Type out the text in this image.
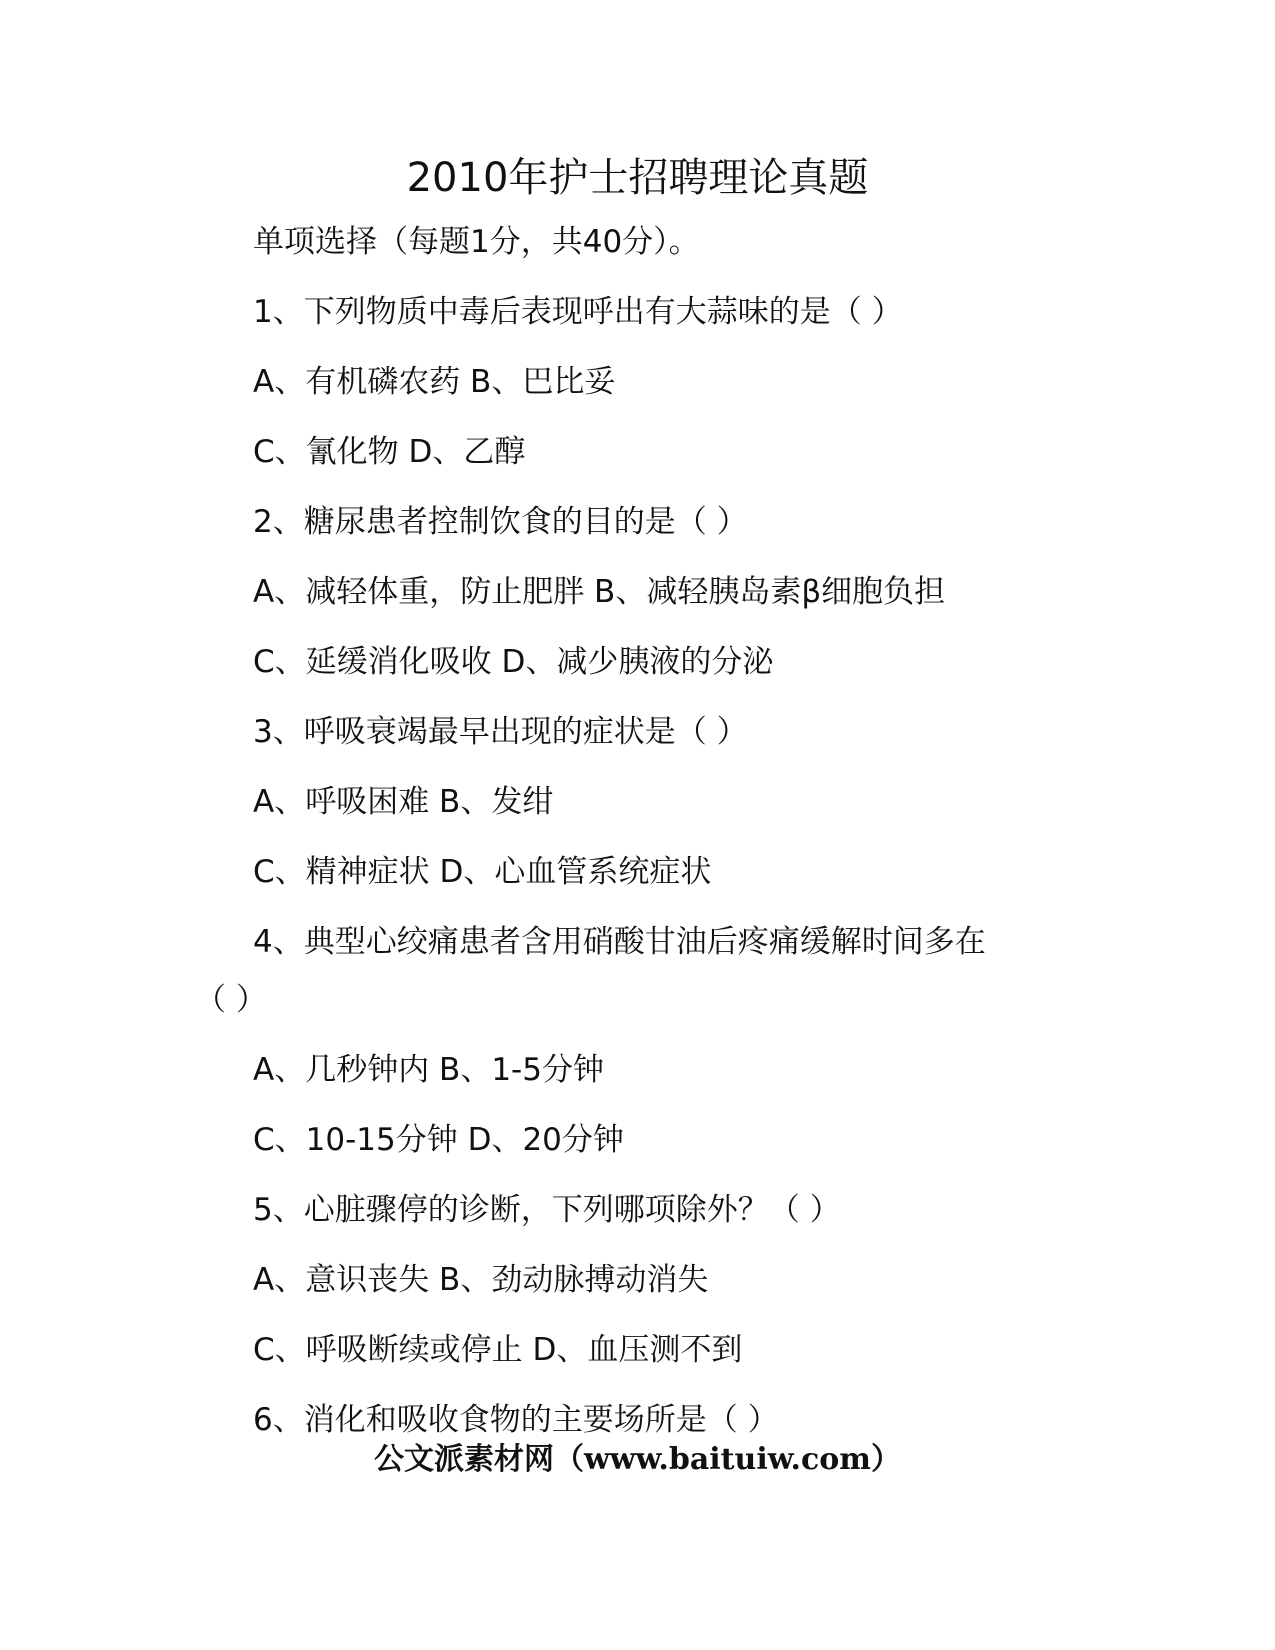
2010年护士招聘理论真题
单项选择（每题1分，共40分）。
1、下列物质中毒后表现呼出有大蒜味的是（ ）
A、有机磷农药 B、巴比妥
C、氰化物 D、乙醇
2、糖尿患者控制饮食的目的是（ ）
A、减轻体重，防止肥胖 B、减轻胰岛素β细胞负担
C、延缓消化吸收 D、减少胰液的分泌
3、呼吸衰竭最早出现的症状是（ ）
A、呼吸困难 B、发绀
C、精神症状 D、心血管系统症状
4、典型心绞痛患者含用硝酸甘油后疼痛缓解时间多在
（ ）
A、几秒钟内 B、1-5分钟
C、10-15分钟 D、20分钟
5、心脏骤停的诊断，下列哪项除外？（ ）
A、意识丧失 B、劲动脉搏动消失
C、呼吸断续或停止 D、血压测不到
6、消化和吸收食物的主要场所是（ ）
公文派素材网（www.baituiw.com）
